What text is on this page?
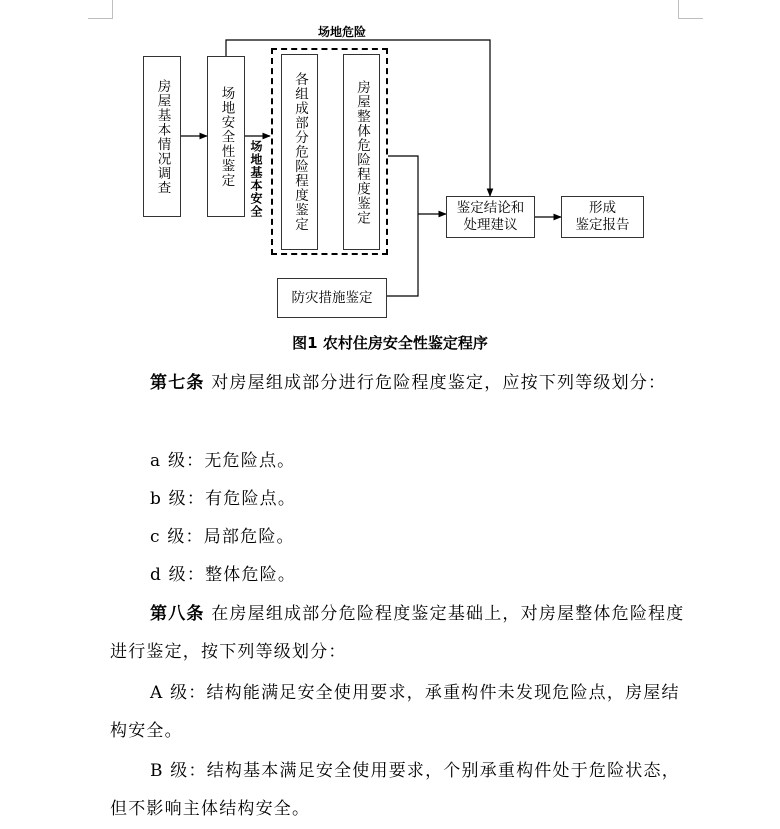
房屋基本情况调查	场地安全性鉴定	各组成部分危险程度鉴定	房屋整体危险程度鉴定
防灾措施鉴定
鉴定结论和
处理建议
形成
鉴定报告
场地危险
场地基本安全
图1 农村住房安全性鉴定程序

第七条 对房屋组成部分进行危险程度鉴定，应按下列等级划分：

a 级：无危险点。

b 级：有危险点。

c 级：局部危险。

d 级：整体危险。

第八条 在房屋组成部分危险程度鉴定基础上，对房屋整体危险程度进行鉴定，按下列等级划分：

A 级：结构能满足安全使用要求，承重构件未发现危险点，房屋结构安全。

B 级：结构基本满足安全使用要求，个别承重构件处于危险状态，但不影响主体结构安全。
